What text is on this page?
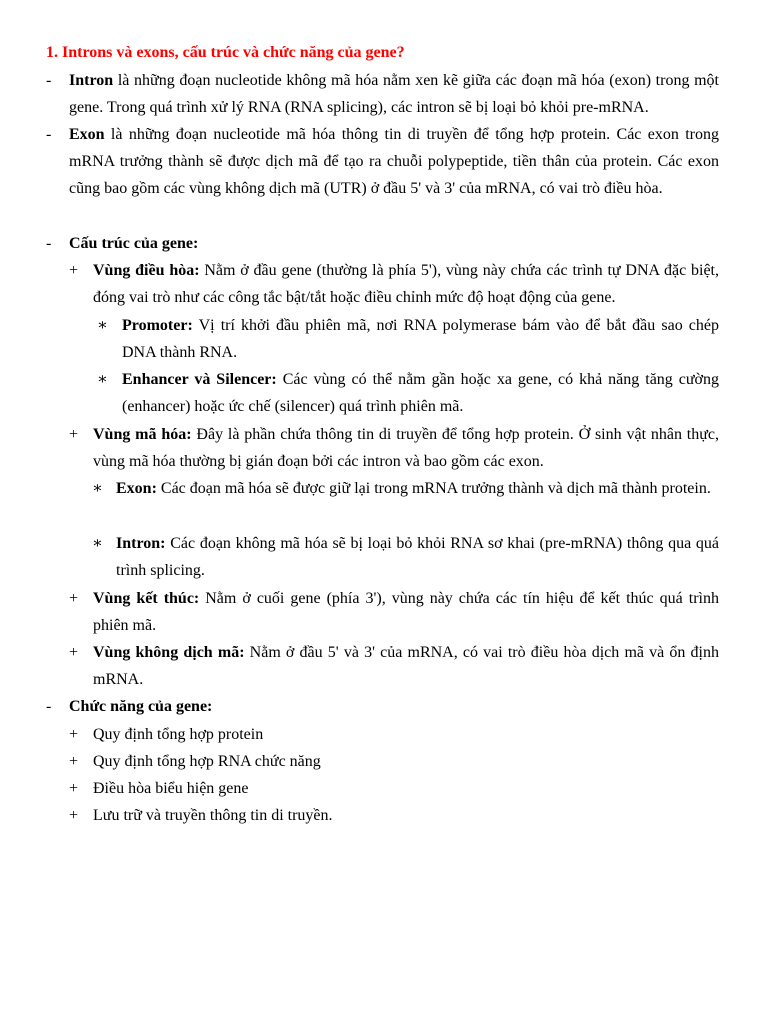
1. Introns và exons, cấu trúc và chức năng của gene?
- Intron là những đoạn nucleotide không mã hóa nằm xen kẽ giữa các đoạn mã hóa (exon) trong một gene. Trong quá trình xử lý RNA (RNA splicing), các intron sẽ bị loại bỏ khỏi pre-mRNA.
- Exon là những đoạn nucleotide mã hóa thông tin di truyền để tổng hợp protein. Các exon trong mRNA trưởng thành sẽ được dịch mã để tạo ra chuỗi polypeptide, tiền thân của protein. Các exon cũng bao gồm các vùng không dịch mã (UTR) ở đầu 5' và 3' của mRNA, có vai trò điều hòa.
- Cấu trúc của gene:
+ Vùng điều hòa: Nằm ở đầu gene (thường là phía 5'), vùng này chứa các trình tự DNA đặc biệt, đóng vai trò như các công tắc bật/tắt hoặc điều chỉnh mức độ hoạt động của gene.
∗ Promoter: Vị trí khởi đầu phiên mã, nơi RNA polymerase bám vào để bắt đầu sao chép DNA thành RNA.
∗ Enhancer và Silencer: Các vùng có thể nằm gần hoặc xa gene, có khả năng tăng cường (enhancer) hoặc ức chế (silencer) quá trình phiên mã.
+ Vùng mã hóa: Đây là phần chứa thông tin di truyền để tổng hợp protein. Ở sinh vật nhân thực, vùng mã hóa thường bị gián đoạn bởi các intron và bao gồm các exon.
∗ Exon: Các đoạn mã hóa sẽ được giữ lại trong mRNA trưởng thành và dịch mã thành protein.
∗ Intron: Các đoạn không mã hóa sẽ bị loại bỏ khỏi RNA sơ khai (pre-mRNA) thông qua quá trình splicing.
+ Vùng kết thúc: Nằm ở cuối gene (phía 3'), vùng này chứa các tín hiệu để kết thúc quá trình phiên mã.
+ Vùng không dịch mã: Nằm ở đầu 5' và 3' của mRNA, có vai trò điều hòa dịch mã và ổn định mRNA.
- Chức năng của gene:
+ Quy định tổng hợp protein
+ Quy định tổng hợp RNA chức năng
+ Điều hòa biểu hiện gene
+ Lưu trữ và truyền thông tin di truyền.
